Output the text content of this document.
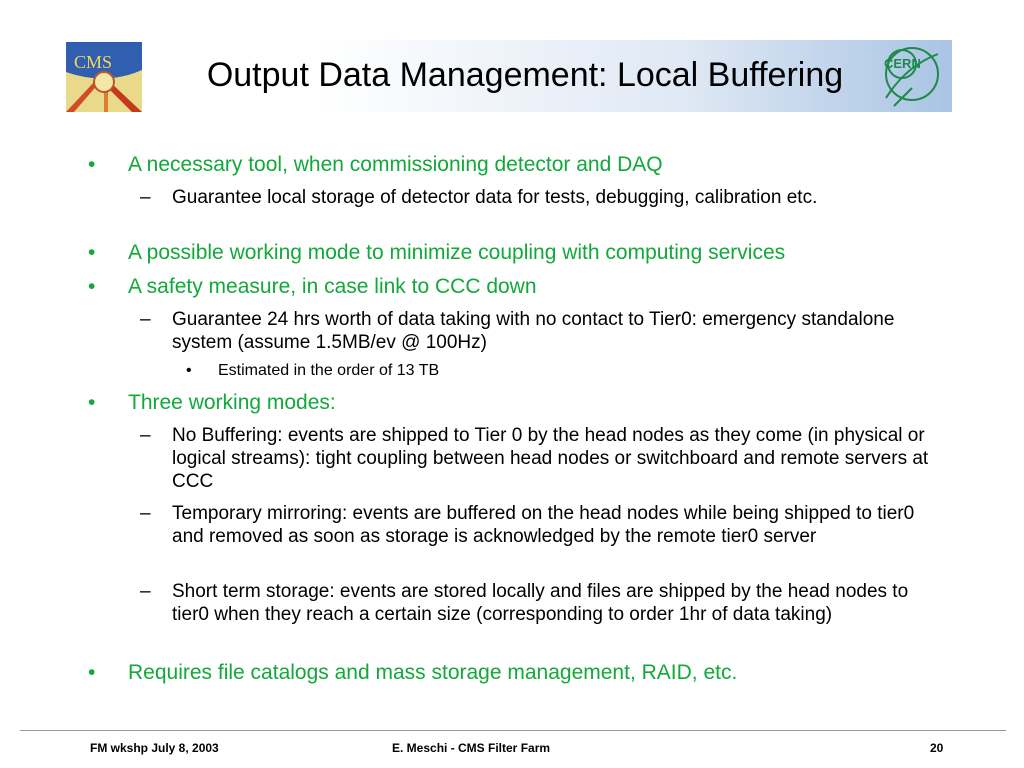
CMS	Output Data Management: Local Buffering	CERN
•	A necessary tool, when commissioning detector and DAQ
–	Guarantee local storage of detector data for tests, debugging, calibration etc.
•	A possible working mode to minimize coupling with computing services
•	A safety measure, in case link to CCC down
–	Guarantee 24 hrs worth of data taking with no contact to Tier0: emergency standalone system (assume 1.5MB/ev @ 100Hz)
•	Estimated in the order of 13 TB
•	Three working modes:
–	No Buffering: events are shipped to Tier 0 by the head nodes as they come (in physical or logical streams): tight coupling between head nodes or switchboard and remote servers at CCC
–	Temporary mirroring: events are buffered on the head nodes while being shipped to tier0 and removed as soon as storage is acknowledged by the remote tier0 server
–	Short term storage: events are stored locally and files are shipped by the head nodes to tier0 when they reach a certain size (corresponding to order 1hr of data taking)
•	Requires file catalogs and mass storage management, RAID, etc.
FM wkshp July 8, 2003	E. Meschi - CMS Filter Farm	20
